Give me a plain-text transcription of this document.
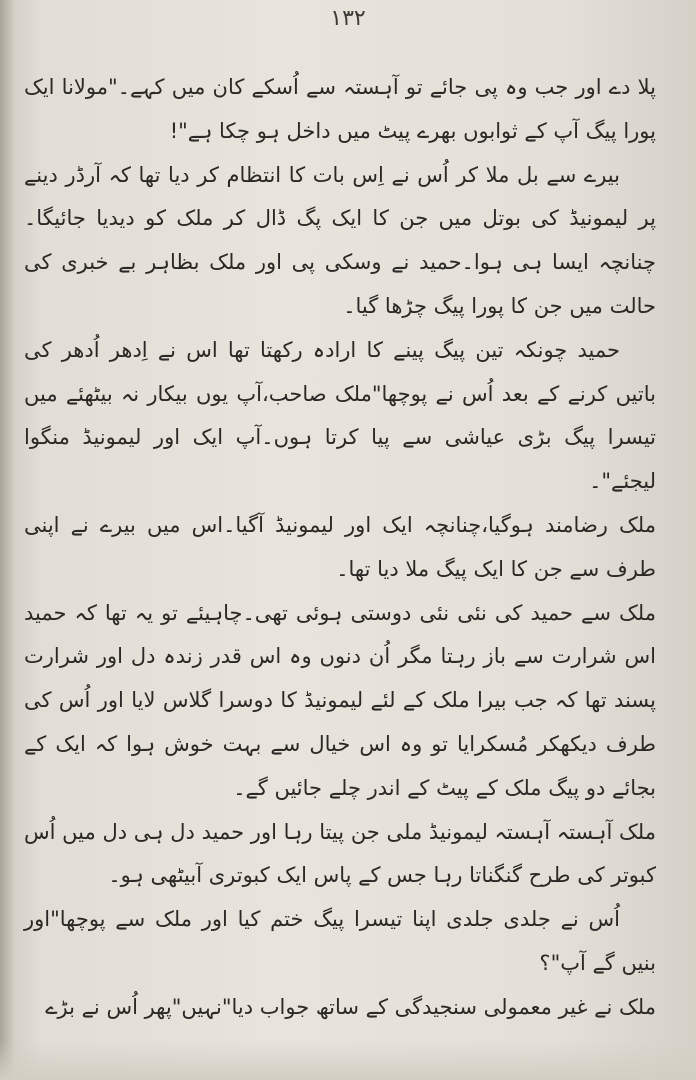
۱۳۲

پلا دے اور جب وہ پی جائے تو آہستہ سے اُسکے کان میں کہے۔"مولانا ایک پورا پیگ آپ کے ثوابوں بھرے پیٹ میں داخل ہو چکا ہے"!

بیرے سے بل ملا کر اُس نے اِس بات کا انتظام کر دیا تھا کہ آرڈر دینے پر لیمونیڈ کی بوتل میں جن کا ایک پگ ڈال کر ملک کو دیدیا جائیگا۔چنانچہ ایسا ہی ہوا۔حمید نے وسکی پی اور ملک بظاہر بے خبری کی حالت میں جن کا پورا پیگ چڑھا گیا۔

حمید چونکہ تین پیگ پینے کا ارادہ رکھتا تھا اس نے اِدھر اُدھر کی باتیں کرنے کے بعد اُس نے پوچھا"ملک صاحب،آپ یوں بیکار نہ بیٹھئے میں تیسرا پیگ بڑی عیاشی سے پیا کرتا ہوں۔آپ ایک اور لیمونیڈ منگوا لیجئے"۔

ملک رضامند ہوگیا،چنانچہ ایک اور لیمونیڈ آگیا۔اس میں بیرے نے اپنی طرف سے جن کا ایک پیگ ملا دیا تھا۔

ملک سے حمید کی نئی نئی دوستی ہوئی تھی۔چاہیئے تو یہ تھا کہ حمید اس شرارت سے باز رہتا مگر اُن دنوں وہ اس قدر زندہ دل اور شرارت پسند تھا کہ جب بیرا ملک کے لئے لیمونیڈ کا دوسرا گلاس لایا اور اُس کی طرف دیکھکر مُسکرایا تو وہ اس خیال سے بہت خوش ہوا کہ ایک کے بجائے دو پیگ ملک کے پیٹ کے اندر چلے جائیں گے۔

ملک آہستہ آہستہ لیمونیڈ ملی جن پیتا رہا اور حمید دل ہی دل میں اُس کبوتر کی طرح گنگناتا رہا جس کے پاس ایک کبوتری آبیٹھی ہو۔

اُس نے جلدی جلدی اپنا تیسرا پیگ ختم کیا اور ملک سے پوچھا"اور بنیں گے آپ"؟

ملک نے غیر معمولی سنجیدگی کے ساتھ جواب دیا"نہیں"پھر اُس نے بڑے
